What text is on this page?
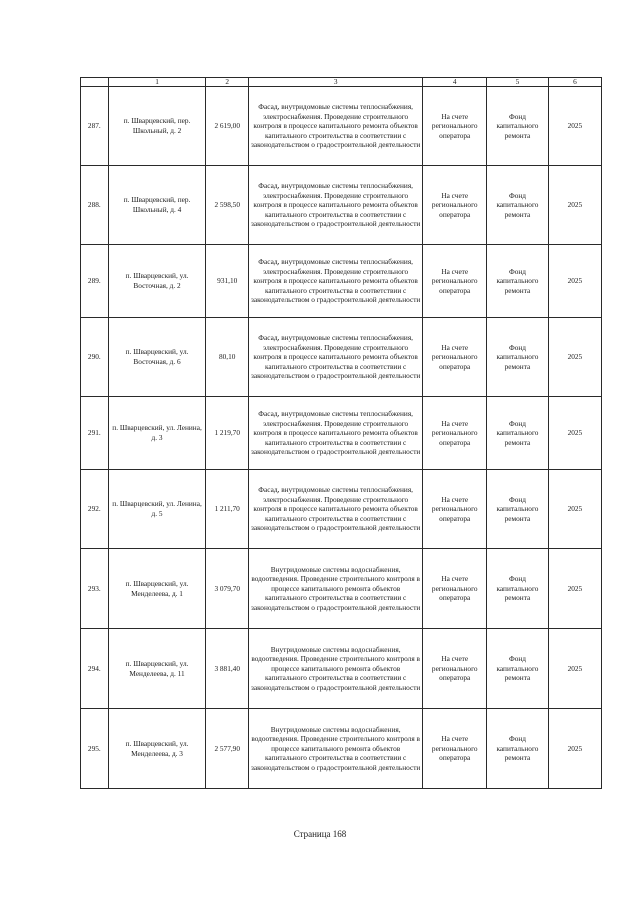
	1	2	3	4	5	6
287.	п. Шварцевский, пер. Школьный, д. 2	2 619,00	Фасад, внутридомовые системы теплоснабжения, электроснабжения. Проведение строительного контроля в процессе капитального ремонта объектов капитального строительства в соответствии с законодательством о градостроительной деятельности	На счете регионального оператора	Фонд капитального ремонта	2025
288.	п. Шварцевский, пер. Школьный, д. 4	2 598,50	Фасад, внутридомовые системы теплоснабжения, электроснабжения. Проведение строительного контроля в процессе капитального ремонта объектов капитального строительства в соответствии с законодательством о градостроительной деятельности	На счете регионального оператора	Фонд капитального ремонта	2025
289.	п. Шварцевский, ул. Восточная, д. 2	931,10	Фасад, внутридомовые системы теплоснабжения, электроснабжения. Проведение строительного контроля в процессе капитального ремонта объектов капитального строительства в соответствии с законодательством о градостроительной деятельности	На счете регионального оператора	Фонд капитального ремонта	2025
290.	п. Шварцевский, ул. Восточная, д. 6	80,10	Фасад, внутридомовые системы теплоснабжения, электроснабжения. Проведение строительного контроля в процессе капитального ремонта объектов капитального строительства в соответствии с законодательством о градостроительной деятельности	На счете регионального оператора	Фонд капитального ремонта	2025
291.	п. Шварцевский, ул. Ленина, д. 3	1 219,70	Фасад, внутридомовые системы теплоснабжения, электроснабжения. Проведение строительного контроля в процессе капитального ремонта объектов капитального строительства в соответствии с законодательством о градостроительной деятельности	На счете регионального оператора	Фонд капитального ремонта	2025
292.	п. Шварцевский, ул. Ленина, д. 5	1 211,70	Фасад, внутридомовые системы теплоснабжения, электроснабжения. Проведение строительного контроля в процессе капитального ремонта объектов капитального строительства в соответствии с законодательством о градостроительной деятельности	На счете регионального оператора	Фонд капитального ремонта	2025
293.	п. Шварцевский, ул. Менделеева, д. 1	3 079,70	Внутридомовые системы водоснабжения, водоотведения. Проведение строительного контроля в процессе капитального ремонта объектов капитального строительства в соответствии с законодательством о градостроительной деятельности	На счете регионального оператора	Фонд капитального ремонта	2025
294.	п. Шварцевский, ул. Менделеева, д. 11	3 881,40	Внутридомовые системы водоснабжения, водоотведения. Проведение строительного контроля в процессе капитального ремонта объектов капитального строительства в соответствии с законодательством о градостроительной деятельности	На счете регионального оператора	Фонд капитального ремонта	2025
295.	п. Шварцевский, ул. Менделеева, д. 3	2 577,90	Внутридомовые системы водоснабжения, водоотведения. Проведение строительного контроля в процессе капитального ремонта объектов капитального строительства в соответствии с законодательством о градостроительной деятельности	На счете регионального оператора	Фонд капитального ремонта	2025
Страница 168
